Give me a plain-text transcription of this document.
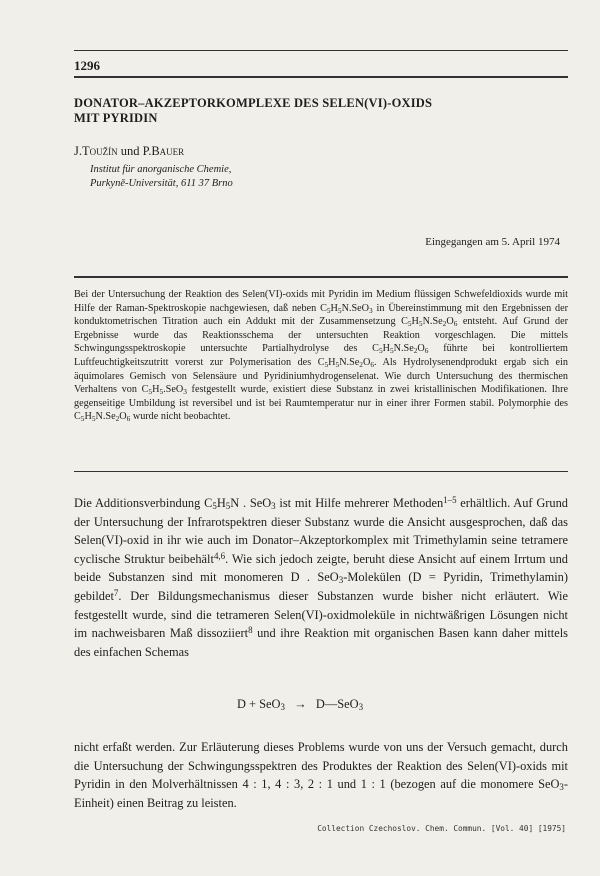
1296
DONATOR–AKZEPTORKOMPLEXE DES SELEN(VI)-OXIDS
MIT PYRIDIN
J.Toužín und P.Bauer
Institut für anorganische Chemie,
Purkyně-Universität, 611 37 Brno
Eingegangen am 5. April 1974
Bei der Untersuchung der Reaktion des Selen(VI)-oxids mit Pyridin im Medium flüssigen Schwefeldioxids wurde mit Hilfe der Raman-Spektroskopie nachgewiesen, daß neben $C_5H_5N.SeO_3$ in Übereinstimmung mit den Ergebnissen der konduktometrischen Titration auch ein Addukt mit der Zusammensetzung $C_5H_5N.Se_2O_6$ entsteht. Auf Grund der Ergebnisse wurde das Reaktionsschema der untersuchten Reaktion vorgeschlagen. Die mittels Schwingungsspektroskopie untersuchte Partialhydrolyse des $C_5H_5N.Se_2O_6$ führte bei kontrolliertem Luftfeuchtigkeitszutritt vorerst zur Polymerisation des $C_5H_5N.Se_2O_6$. Als Hydrolysenendprodukt ergab sich ein äquimolares Gemisch von Selensäure und Pyridiniumhydrogenselenat. Wie durch Untersuchung des thermischen Verhaltens von $C_5H_5.SeO_3$ festgestellt wurde, existiert diese Substanz in zwei kristallinischen Modifikationen. Ihre gegenseitige Umbildung ist reversibel und ist bei Raumtemperatur nur in einer ihrer Formen stabil. Polymorphie des $C_5H_5N.Se_2O_6$ wurde nicht beobachtet.
Die Additionsverbindung $C_5H_5N$ . SeO$_3$ ist mit Hilfe mehrerer Methoden$^{1-5}$ erhältlich. Auf Grund der Untersuchung der Infrarotspektren dieser Substanz wurde die Ansicht ausgesprochen, daß das Selen(VI)-oxid in ihr wie auch im Donator–Akzeptorkomplex mit Trimethylamin seine tetramere cyclische Struktur beibehält$^{4,6}$. Wie sich jedoch zeigte, beruht diese Ansicht auf einem Irrtum und beide Substanzen sind mit monomeren D . SeO$_3$-Molekülen (D = Pyridin, Trimethylamin) gebildet$^7$. Der Bildungsmechanismus dieser Substanzen wurde bisher nicht erläutert. Wie festgestellt wurde, sind die tetrameren Selen(VI)-oxidmoleküle in nichtwäßrigen Lösungen nicht im nachweisbaren Maß dissoziiert$^8$ und ihre Reaktion mit organischen Basen kann daher mittels des einfachen Schemas
D + SeO$_3$ → D—SeO$_3$
nicht erfaßt werden. Zur Erläuterung dieses Problems wurde von uns der Versuch gemacht, durch die Untersuchung der Schwingungsspektren des Produktes der Reaktion des Selen(VI)-oxids mit Pyridin in den Molverhältnissen 4 : 1, 4 : 3, 2 : 1 und 1 : 1 (bezogen auf die monomere SeO$_3$-Einheit) einen Beitrag zu leisten.
Collection Czechoslov. Chem. Commun. [Vol. 40] [1975]
